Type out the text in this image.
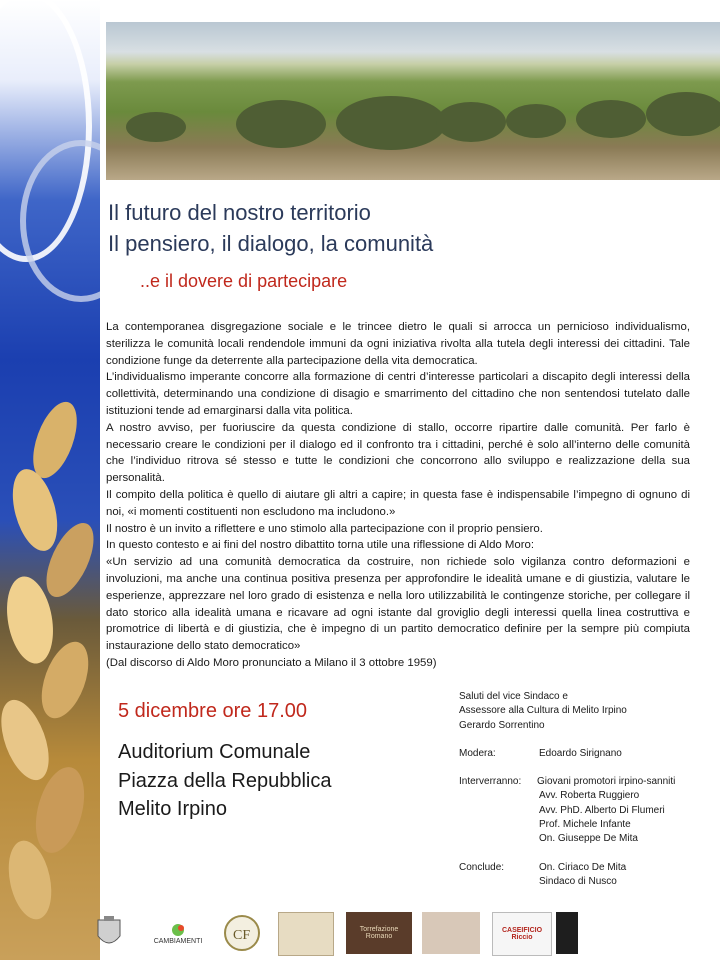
Il futuro del nostro territorio
Il pensiero, il dialogo, la comunità
..e il dovere di partecipare

La contemporanea disgregazione sociale e le trincee dietro le quali si arrocca un pernicioso individualismo, sterilizza le comunità locali rendendole immuni da ogni iniziativa rivolta alla tutela degli interessi dei cittadini. Tale condizione funge da deterrente alla partecipazione della vita democratica.

L’individualismo imperante concorre alla formazione di centri d’interesse particolari a discapito degli interessi della collettività, determinando una condizione di disagio e smarrimento del cittadino che non sentendosi tutelato dalle istituzioni tende ad emarginarsi dalla vita politica.

A nostro avviso, per fuoriuscire da questa condizione di stallo, occorre ripartire dalle comunità. Per farlo è necessario creare le condizioni per il dialogo ed il confronto tra i cittadini, perché è solo all’interno delle comunità che l’individuo ritrova sé stesso e tutte le condizioni che concorrono allo sviluppo e realizzazione della sua personalità.

Il compito della politica è quello di aiutare gli altri a capire; in questa fase è indispensabile l’impegno di ognuno di noi, «i momenti costituenti non escludono ma includono.»

Il nostro è un invito a riflettere e uno stimolo alla partecipazione con il proprio pensiero.

In questo contesto e ai fini del nostro dibattito torna utile una riflessione di Aldo Moro:

«Un servizio ad una comunità democratica da costruire, non richiede solo vigilanza contro deformazioni e involuzioni, ma anche una continua positiva presenza per approfondire le idealità umane e di giustizia, valutare le esperienze, apprezzare nel loro grado di esistenza e nella loro utilizzabilità le contingenze storiche, per collegare il dato storico alla idealità umana e ricavare ad ogni istante dal groviglio degli interessi quella linea costruttiva e promotrice di libertà e di giustizia, che è impegno di un partito democratico definire per la sempre più compiuta instaurazione dello stato democratico»

(Dal discorso di Aldo Moro pronunciato a Milano il 3 ottobre 1959)

5 dicembre ore 17.00
Auditorium Comunale
Piazza della Repubblica
Melito Irpino
Saluti del vice Sindaco e
Assessore alla Cultura di Melito Irpino
Gerardo Sorrentino
Modera:	Edoardo Sirignano
Interverranno:	Giovani promotori irpino-sanniti
Avv. Roberta Ruggiero
Avv. PhD. Alberto Di Flumeri
Prof. Michele Infante
On. Giuseppe De Mita
Conclude:	On. Ciriaco De Mita
Sindaco di Nusco
CAMBIAMENTI CF	Torrefazione Romano
CASEIFICIO Riccio
